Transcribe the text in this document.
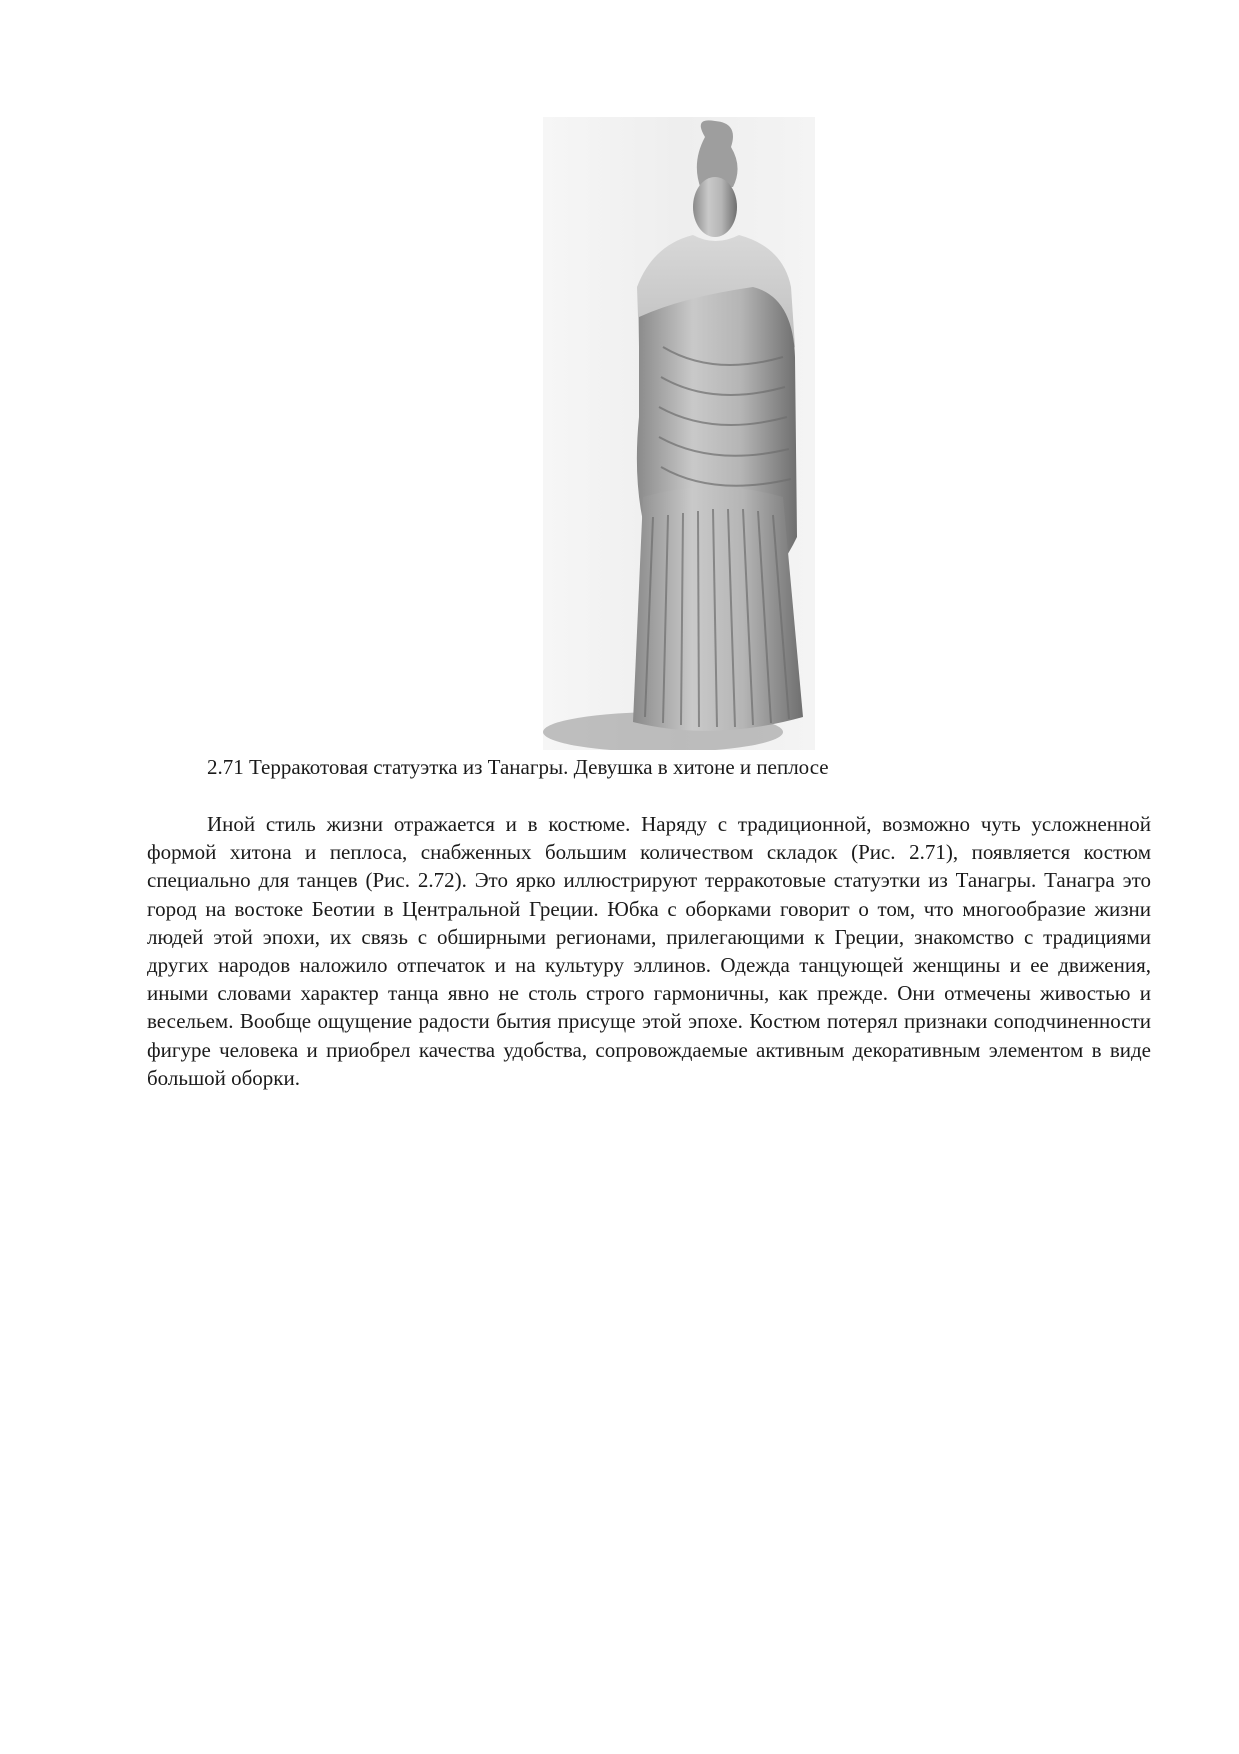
2.71 Терракотовая статуэтка из Танагры. Девушка в хитоне и пеплосе

Иной стиль жизни отражается и в костюме. Наряду с традиционной, возможно чуть усложненной формой хитона и пеплоса, снабженных большим количеством складок (Рис. 2.71), появляется костюм специально для танцев (Рис. 2.72). Это ярко иллюстрируют терракотовые статуэтки из Танагры. Танагра это город на востоке Беотии в Центральной Греции. Юбка с оборками говорит о том, что многообразие жизни людей этой эпохи, их связь с обширными регионами, прилегающими к Греции, знакомство с традициями других народов наложило отпечаток и на культуру эллинов. Одежда танцующей женщины и ее движения, иными словами характер танца явно не столь строго гармоничны, как прежде. Они отмечены живостью и весельем. Вообще ощущение радости бытия присуще этой эпохе. Костюм потерял признаки соподчиненности фигуре человека и приобрел качества удобства, сопровождаемые активным декоративным элементом в виде большой оборки.
